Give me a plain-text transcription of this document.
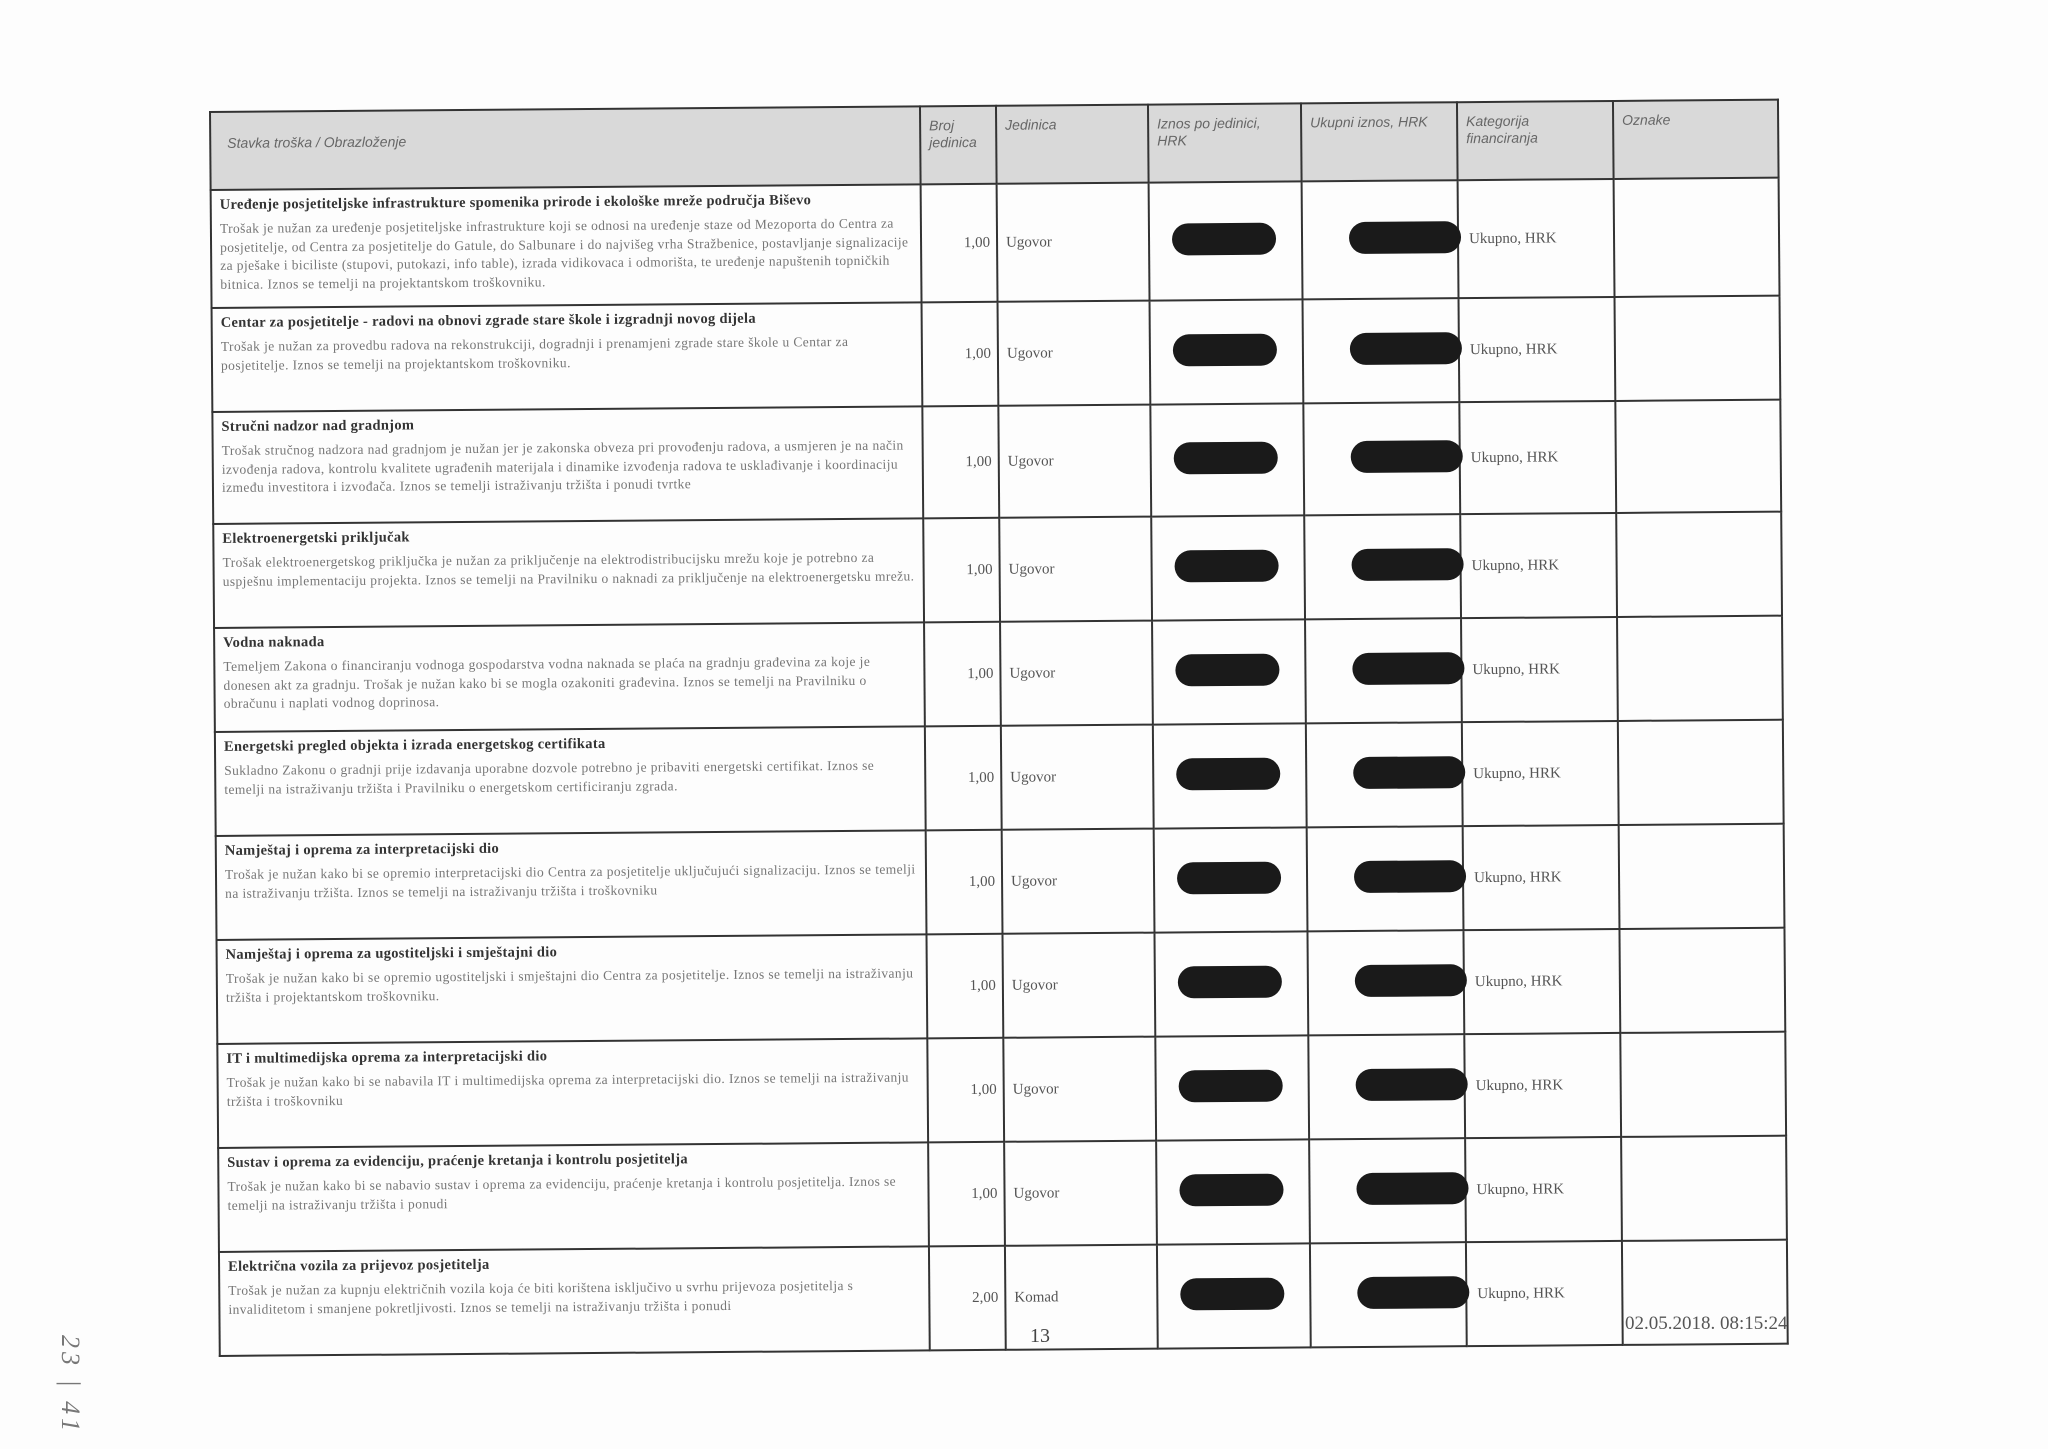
Stavka troška / Obrazloženje	Broj jedinica	Jedinica	Iznos po jedinici, HRK	Ukupni iznos, HRK	Kategorija financiranja	Oznake

Uređenje posjetiteljske infrastrukture spomenika prirode i ekološke mreže područja Biševo
Trošak je nužan za uređenje posjetiteljske infrastrukture koji se odnosi na uređenje staze od Mezoporta do Centra za posjetitelje, od Centra za posjetitelje do Gatule, do Salbunare i do najvišeg vrha Stražbenice, postavljanje signalizacije za pješake i biciliste (stupovi, putokazi, info table), izrada vidikovaca i odmorišta, te uređenje napuštenih topničkih bitnica. Iznos se temelji na projektantskom troškovniku.	1,00	Ugovor			Ukupno, HRK	

Centar za posjetitelje - radovi na obnovi zgrade stare škole i izgradnji novog dijela
Trošak je nužan za provedbu radova na rekonstrukciji, dogradnji i prenamjeni zgrade stare škole u Centar za posjetitelje. Iznos se temelji na projektantskom troškovniku.	1,00	Ugovor			Ukupno, HRK	

Stručni nadzor nad gradnjom
Trošak stručnog nadzora nad gradnjom je nužan jer je zakonska obveza pri provođenju radova, a usmjeren je na način izvođenja radova, kontrolu kvalitete ugrađenih materijala i dinamike izvođenja radova te usklađivanje i koordinaciju između investitora i izvođača. Iznos se temelji istraživanju tržišta i ponudi tvrtke	1,00	Ugovor			Ukupno, HRK	

Elektroenergetski priključak
Trošak elektroenergetskog priključka je nužan za priključenje na elektrodistribucijsku mrežu koje je potrebno za uspješnu implementaciju projekta. Iznos se temelji na Pravilniku o naknadi za priključenje na elektroenergetsku mrežu.	1,00	Ugovor			Ukupno, HRK	

Vodna naknada
Temeljem Zakona o financiranju vodnoga gospodarstva vodna naknada se plaća na gradnju građevina za koje je donesen akt za gradnju. Trošak je nužan kako bi se mogla ozakoniti građevina. Iznos se temelji na Pravilniku o obračunu i naplati vodnog doprinosa.	1,00	Ugovor			Ukupno, HRK	

Energetski pregled objekta i izrada energetskog certifikata
Sukladno Zakonu o gradnji prije izdavanja uporabne dozvole potrebno je pribaviti energetski certifikat. Iznos se temelji na istraživanju tržišta i Pravilniku o energetskom certificiranju zgrada.	1,00	Ugovor			Ukupno, HRK	

Namještaj i oprema za interpretacijski dio
Trošak je nužan kako bi se opremio interpretacijski dio Centra za posjetitelje uključujući signalizaciju. Iznos se temelji na istraživanju tržišta. Iznos se temelji na istraživanju tržišta i troškovniku	1,00	Ugovor			Ukupno, HRK	

Namještaj i oprema za ugostiteljski i smještajni dio
Trošak je nužan kako bi se opremio ugostiteljski i smještajni dio Centra za posjetitelje. Iznos se temelji na istraživanju tržišta i projektantskom troškovniku.	1,00	Ugovor			Ukupno, HRK	

IT i multimedijska oprema za interpretacijski dio
Trošak je nužan kako bi se nabavila IT i multimedijska oprema za interpretacijski dio. Iznos se temelji na istraživanju tržišta i troškovniku	1,00	Ugovor			Ukupno, HRK	

Sustav i oprema za evidenciju, praćenje kretanja i kontrolu posjetitelja
Trošak je nužan kako bi se nabavio sustav i oprema za evidenciju, praćenje kretanja i kontrolu posjetitelja. Iznos se temelji na istraživanju tržišta i ponudi	1,00	Ugovor			Ukupno, HRK	

Električna vozila za prijevoz posjetitelja
Trošak je nužan za kupnju električnih vozila koja će biti korištena isključivo u svrhu prijevoza posjetitelja s invaliditetom i smanjene pokretljivosti. Iznos se temelji na istraživanju tržišta i ponudi	2,00	Komad			Ukupno, HRK	
13
02.05.2018. 08:15:24
23 | 41
